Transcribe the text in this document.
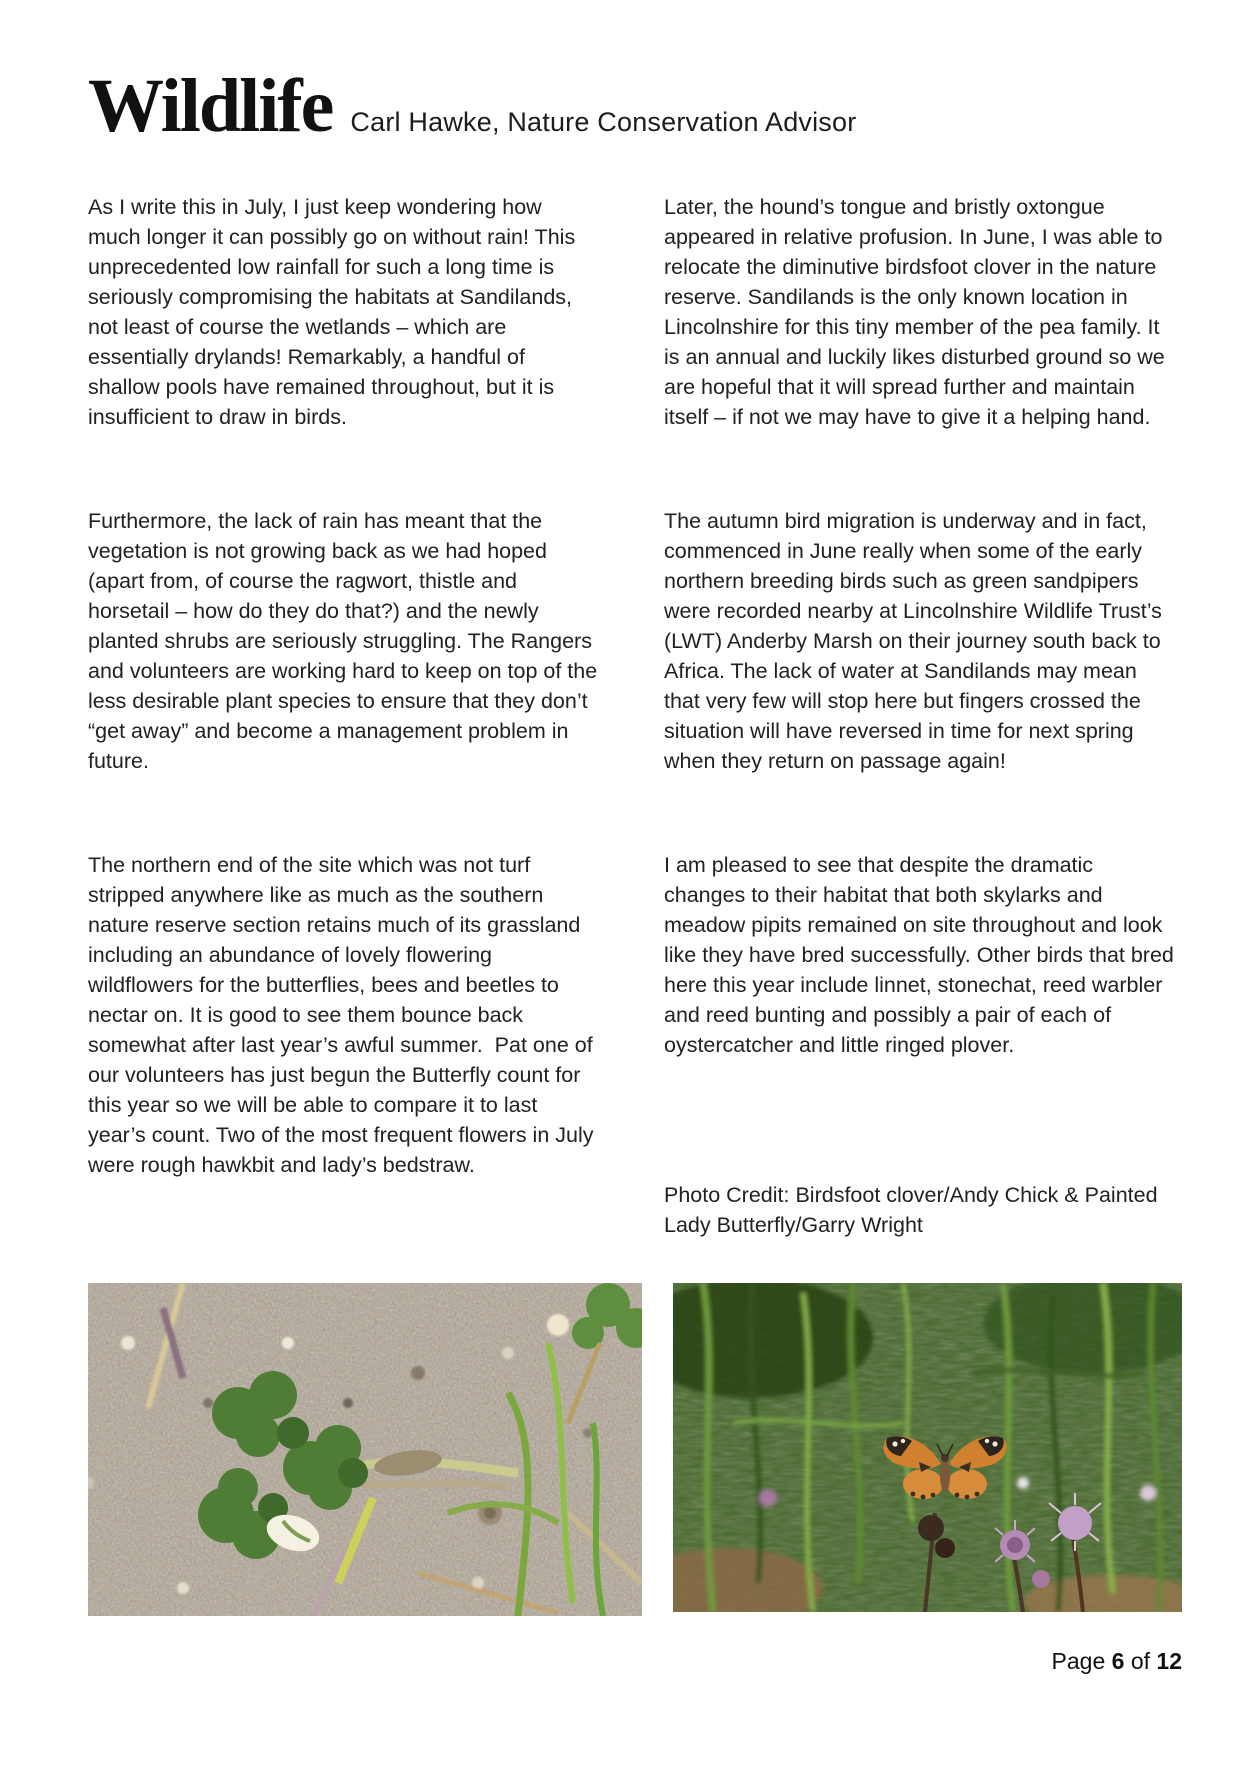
Wildlife Carl Hawke, Nature Conservation Advisor

As I write this in July, I just keep wondering how much longer it can possibly go on without rain! This unprecedented low rainfall for such a long time is seriously compromising the habitats at Sandilands, not least of course the wetlands – which are essentially drylands! Remarkably, a handful of shallow pools have remained throughout, but it is insufficient to draw in birds.

Furthermore, the lack of rain has meant that the vegetation is not growing back as we had hoped (apart from, of course the ragwort, thistle and horsetail – how do they do that?) and the newly planted shrubs are seriously struggling. The Rangers and volunteers are working hard to keep on top of the less desirable plant species to ensure that they don’t “get away” and become a management problem in future.

The northern end of the site which was not turf stripped anywhere like as much as the southern nature reserve section retains much of its grassland including an abundance of lovely flowering wildflowers for the butterflies, bees and beetles to nectar on. It is good to see them bounce back somewhat after last year’s awful summer.  Pat one of our volunteers has just begun the Butterfly count for this year so we will be able to compare it to last year’s count. Two of the most frequent flowers in July were rough hawkbit and lady’s bedstraw.

Later, the hound’s tongue and bristly oxtongue appeared in relative profusion. In June, I was able to relocate the diminutive birdsfoot clover in the nature reserve. Sandilands is the only known location in Lincolnshire for this tiny member of the pea family. It is an annual and luckily likes disturbed ground so we are hopeful that it will spread further and maintain itself – if not we may have to give it a helping hand.

The autumn bird migration is underway and in fact, commenced in June really when some of the early northern breeding birds such as green sandpipers were recorded nearby at Lincolnshire Wildlife Trust’s (LWT) Anderby Marsh on their journey south back to Africa. The lack of water at Sandilands may mean that very few will stop here but fingers crossed the situation will have reversed in time for next spring when they return on passage again!

I am pleased to see that despite the dramatic changes to their habitat that both skylarks and meadow pipits remained on site throughout and look like they have bred successfully. Other birds that bred here this year include linnet, stonechat, reed warbler and reed bunting and possibly a pair of each of oystercatcher and little ringed plover.

Photo Credit: Birdsfoot clover/Andy Chick & Painted Lady Butterfly/Garry Wright

Page 6 of 12
